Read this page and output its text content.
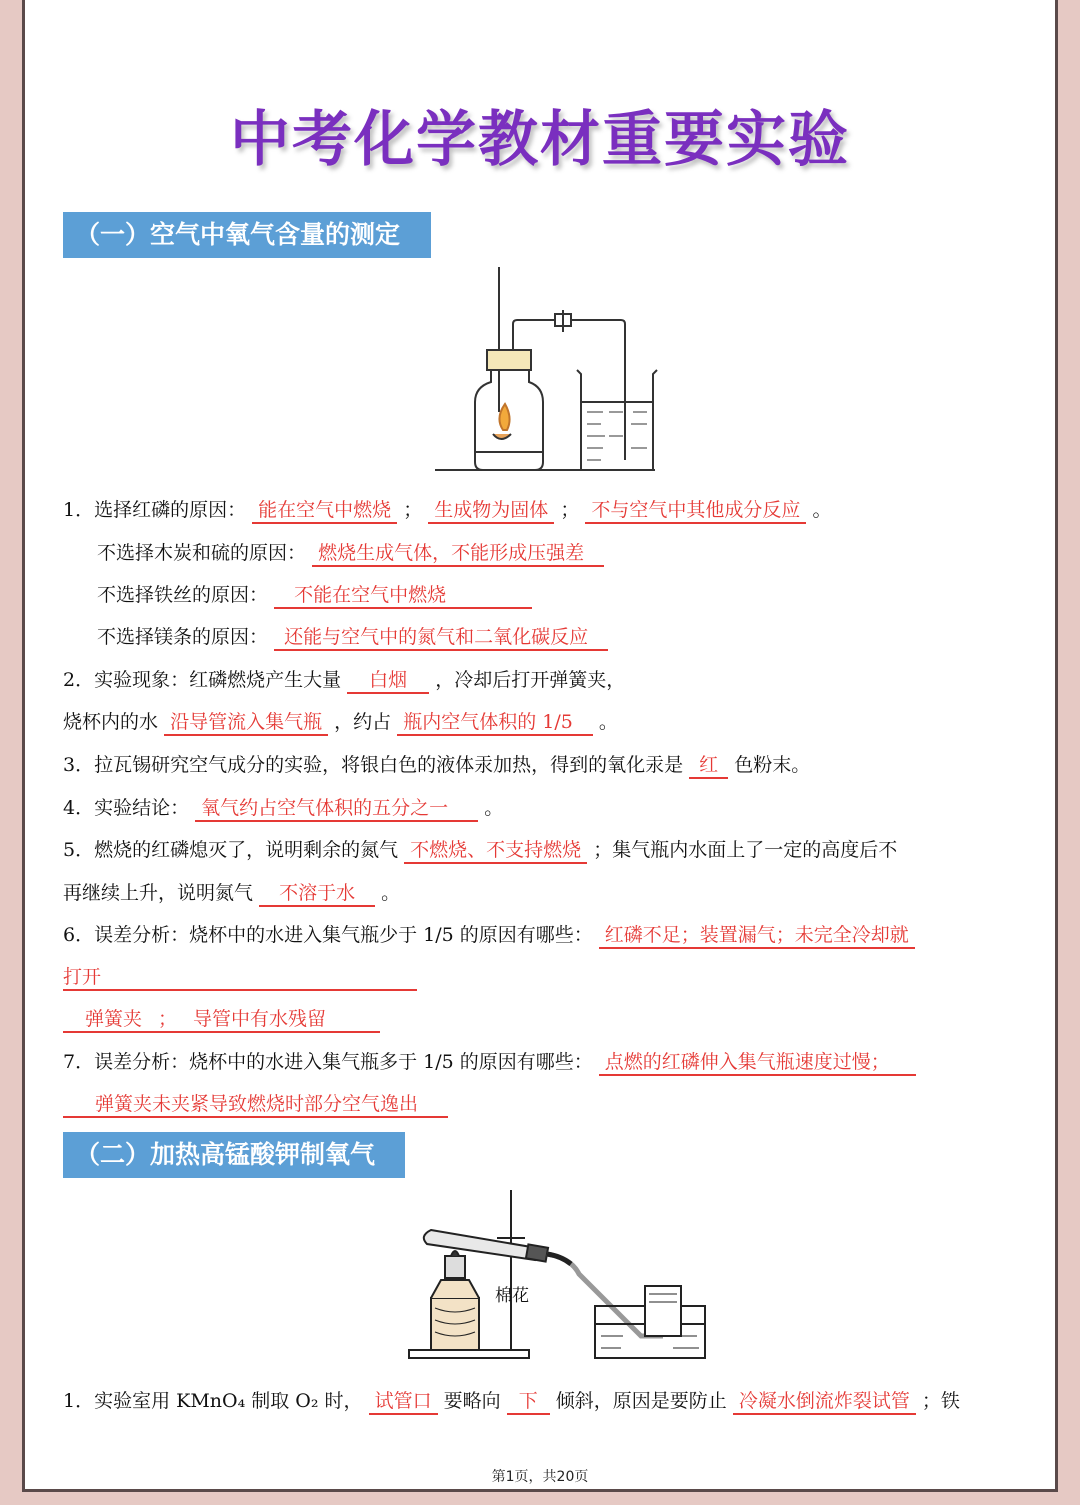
中考化学教材重要实验
（一）空气中氧气含量的测定
1．选择红磷的原因： 能在空气中燃烧 ； 生成物为固体 ； 不与空气中其他成分反应 。
不选择木炭和硫的原因： 燃烧生成气体，不能形成压强差
不选择铁丝的原因： 不能在空气中燃烧
不选择镁条的原因： 还能与空气中的氮气和二氧化碳反应
2．实验现象：红磷燃烧产生大量 白烟 ，冷却后打开弹簧夹，
烧杯内的水 沿导管流入集气瓶 ，约占 瓶内空气体积的 1/5 。
3．拉瓦锡研究空气成分的实验，将银白色的液体汞加热，得到的氧化汞是 红 色粉末。
4．实验结论： 氧气约占空气体积的五分之一 。
5．燃烧的红磷熄灭了，说明剩余的氮气 不燃烧、不支持燃烧 ；集气瓶内水面上了一定的高度后不
再继续上升，说明氮气 不溶于水 。
6．误差分析：烧杯中的水进入集气瓶少于 1/5 的原因有哪些： 红磷不足；装置漏气；未完全冷却就
打开
弹簧夹 ； 导管中有水残留
7．误差分析：烧杯中的水进入集气瓶多于 1/5 的原因有哪些： 点燃的红磷伸入集气瓶速度过慢；
弹簧夹未夹紧导致燃烧时部分空气逸出
（二）加热高锰酸钾制氧气
棉花
1．实验室用 KMnO₄ 制取 O₂ 时， 试管口 要略向 下 倾斜，原因是要防止 冷凝水倒流炸裂试管 ；铁
第1页，共20页
